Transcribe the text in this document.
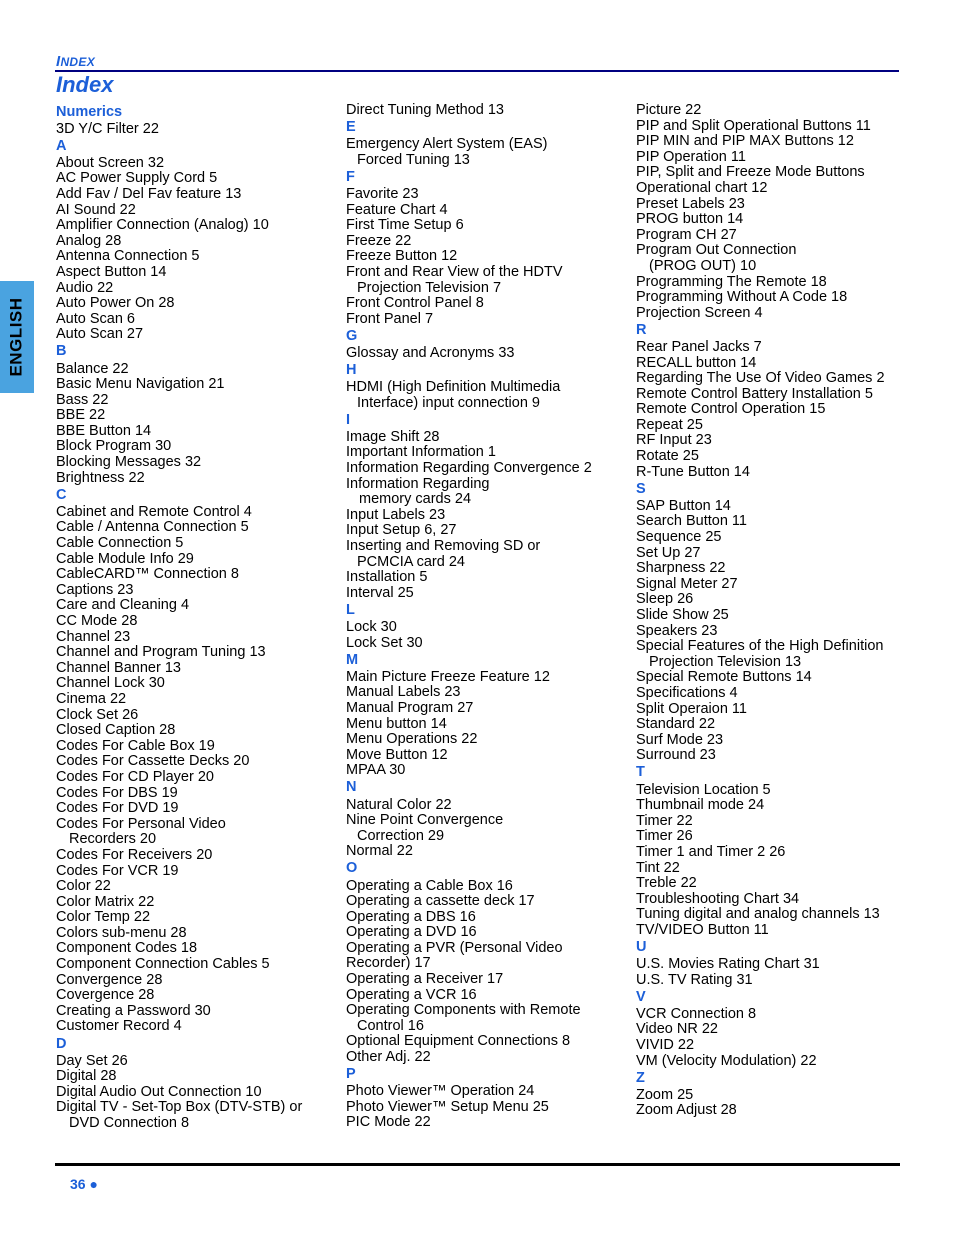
INDEX
Index
ENGLISH
Numerics
3D Y/C Filter 22
A
About Screen 32
AC Power Supply Cord 5
Add Fav / Del Fav feature 13
AI Sound 22
Amplifier Connection (Analog) 10
Analog 28
Antenna Connection 5
Aspect Button 14
Audio 22
Auto Power On 28
Auto Scan 6
Auto Scan 27
B
Balance 22
Basic Menu Navigation 21
Bass 22
BBE 22
BBE Button 14
Block Program 30
Blocking Messages 32
Brightness 22
C
Cabinet and Remote Control 4
Cable / Antenna Connection 5
Cable Connection 5
Cable Module Info 29
CableCARD™ Connection 8
Captions 23
Care and Cleaning 4
CC Mode 28
Channel 23
Channel and Program Tuning 13
Channel Banner 13
Channel Lock 30
Cinema 22
Clock Set 26
Closed Caption 28
Codes For Cable Box 19
Codes For Cassette Decks 20
Codes For CD Player 20
Codes For DBS 19
Codes For DVD 19
Codes For Personal Video
Recorders 20
Codes For Receivers 20
Codes For VCR 19
Color 22
Color Matrix 22
Color Temp 22
Colors sub-menu 28
Component Codes 18
Component Connection Cables 5
Convergence 28
Covergence 28
Creating a Password 30
Customer Record 4
D
Day Set 26
Digital 28
Digital Audio Out Connection 10
Digital TV - Set-Top Box (DTV-STB) or
DVD Connection 8
Direct Tuning Method 13
E
Emergency Alert System (EAS)
Forced Tuning 13
F
Favorite 23
Feature Chart 4
First Time Setup 6
Freeze 22
Freeze Button 12
Front and Rear View of the HDTV
Projection Television 7
Front Control Panel 8
Front Panel 7
G
Glossay and Acronyms 33
H
HDMI (High Definition Multimedia
Interface) input connection 9
I
Image Shift 28
Important Information 1
Information Regarding Convergence 2
Information Regarding
memory cards 24
Input Labels 23
Input Setup 6, 27
Inserting and Removing SD or
PCMCIA card 24
Installation 5
Interval 25
L
Lock 30
Lock Set 30
M
Main Picture Freeze Feature 12
Manual Labels 23
Manual Program 27
Menu button 14
Menu Operations 22
Move Button 12
MPAA 30
N
Natural Color 22
Nine Point Convergence
Correction 29
Normal 22
O
Operating a Cable Box 16
Operating a cassette deck 17
Operating a DBS 16
Operating a DVD 16
Operating a PVR (Personal Video
Recorder) 17
Operating a Receiver 17
Operating a VCR 16
Operating Components with Remote
Control 16
Optional Equipment Connections 8
Other Adj. 22
P
Photo Viewer™ Operation 24
Photo Viewer™ Setup Menu 25
PIC Mode 22
Picture 22
PIP and Split Operational Buttons 11
PIP MIN and PIP MAX Buttons 12
PIP Operation 11
PIP, Split and Freeze Mode Buttons
Operational chart 12
Preset Labels 23
PROG button 14
Program CH 27
Program Out Connection
(PROG OUT) 10
Programming The Remote 18
Programming Without A Code 18
Projection Screen 4
R
Rear Panel Jacks 7
RECALL button 14
Regarding The Use Of Video Games 2
Remote Control Battery Installation 5
Remote Control Operation 15
Repeat 25
RF Input 23
Rotate 25
R-Tune Button 14
S
SAP Button 14
Search Button 11
Sequence 25
Set Up 27
Sharpness 22
Signal Meter 27
Sleep 26
Slide Show 25
Speakers 23
Special Features of the High Definition
Projection Television 13
Special Remote Buttons 14
Specifications 4
Split Operaion 11
Standard 22
Surf Mode 23
Surround 23
T
Television Location 5
Thumbnail mode 24
Timer 22
Timer 26
Timer 1 and Timer 2 26
Tint 22
Treble 22
Troubleshooting Chart 34
Tuning digital and analog channels 13
TV/VIDEO Button 11
U
U.S. Movies Rating Chart 31
U.S. TV Rating 31
V
VCR Connection 8
Video NR 22
VIVID 22
VM (Velocity Modulation) 22
Z
Zoom 25
Zoom Adjust 28
36 ●
